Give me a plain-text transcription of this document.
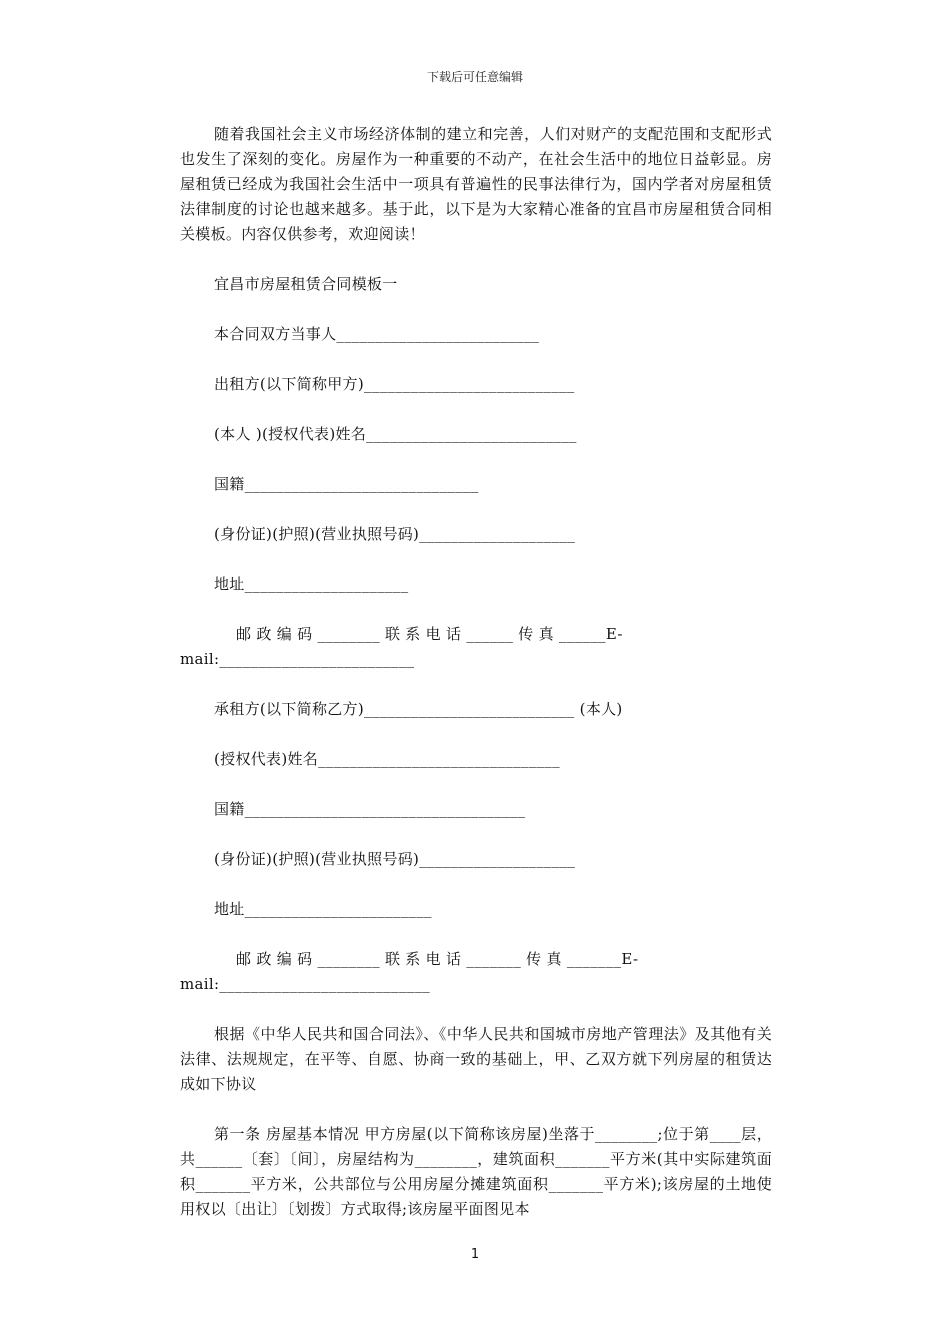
下载后可任意编辑

随着我国社会主义市场经济体制的建立和完善，人们对财产的支配范围和支配形式也发生了深刻的变化。房屋作为一种重要的不动产，在社会生活中的地位日益彰显。房屋租赁已经成为我国社会生活中一项具有普遍性的民事法律行为，国内学者对房屋租赁法律制度的讨论也越来越多。基于此，以下是为大家精心准备的宜昌市房屋租赁合同相关模板。内容仅供参考，欢迎阅读！

宜昌市房屋租赁合同模板一

本合同双方当事人__________________________

出租方(以下简称甲方)___________________________

(本人 )(授权代表)姓名___________________________

国籍______________________________

(身份证)(护照)(营业执照号码)____________________

地址_____________________

邮 政 编 码 ________ 联 系 电 话 ______ 传 真 ______E-

mail:_________________________

承租方(以下简称乙方)___________________________ (本人)

(授权代表)姓名_______________________________

国籍____________________________________

(身份证)(护照)(营业执照号码)____________________

地址________________________

邮 政 编 码 ________ 联 系 电 话 _______ 传 真 _______E-

mail:___________________________

根据《中华人民共和国合同法》、《中华人民共和国城市房地产管理法》及其他有关法律、法规规定，在平等、自愿、协商一致的基础上，甲、乙双方就下列房屋的租赁达成如下协议

第一条 房屋基本情况 甲方房屋(以下简称该房屋)坐落于________;位于第____层，共______〔套〕〔间〕，房屋结构为________，建筑面积_______平方米(其中实际建筑面积_______平方米，公共部位与公用房屋分摊建筑面积_______平方米);该房屋的土地使用权以〔出让〕〔划拨〕方式取得;该房屋平面图见本

1
